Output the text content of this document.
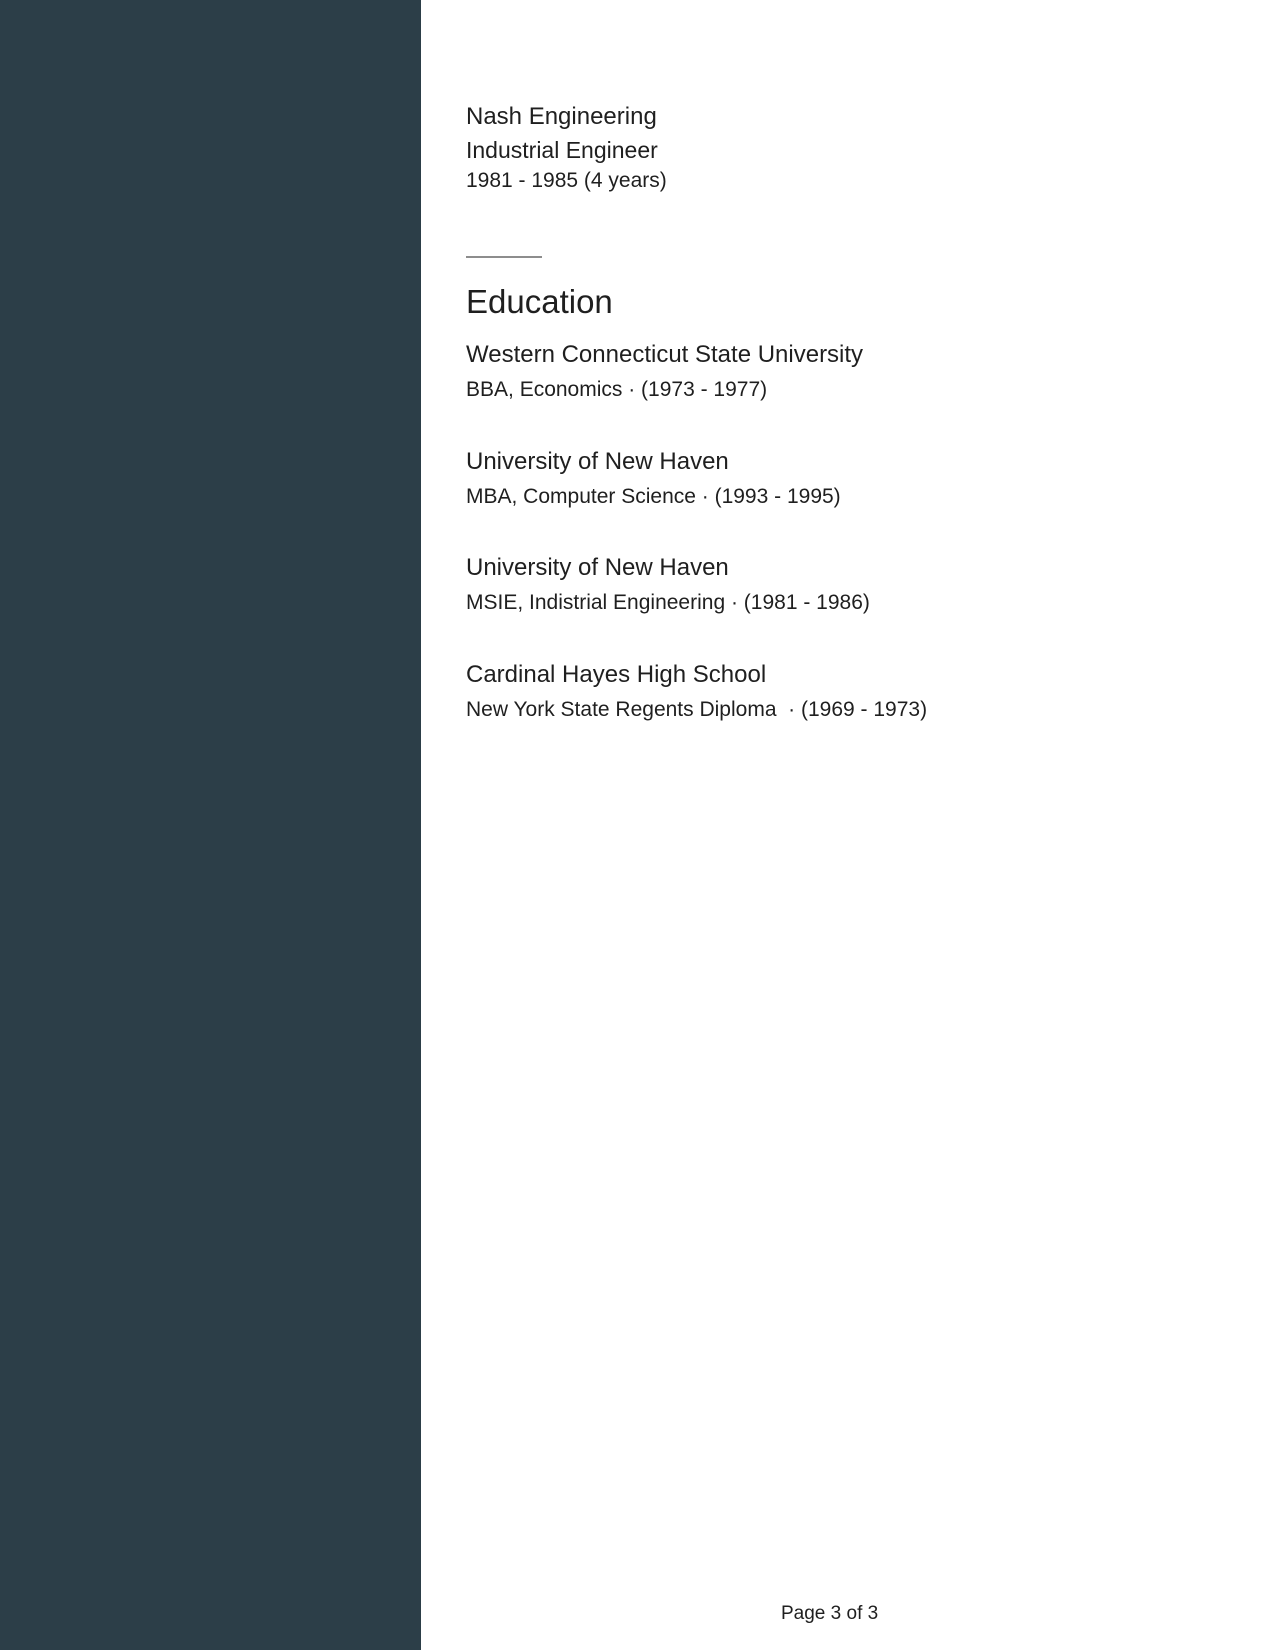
Nash Engineering
Industrial Engineer
1981 - 1985 (4 years)
Education
Western Connecticut State University
BBA, Economics · (1973 - 1977)
University of New Haven
MBA, Computer Science · (1993 - 1995)
University of New Haven
MSIE, Indistrial Engineering · (1981 - 1986)
Cardinal Hayes High School
New York State Regents Diploma  · (1969 - 1973)
Page 3 of 3
